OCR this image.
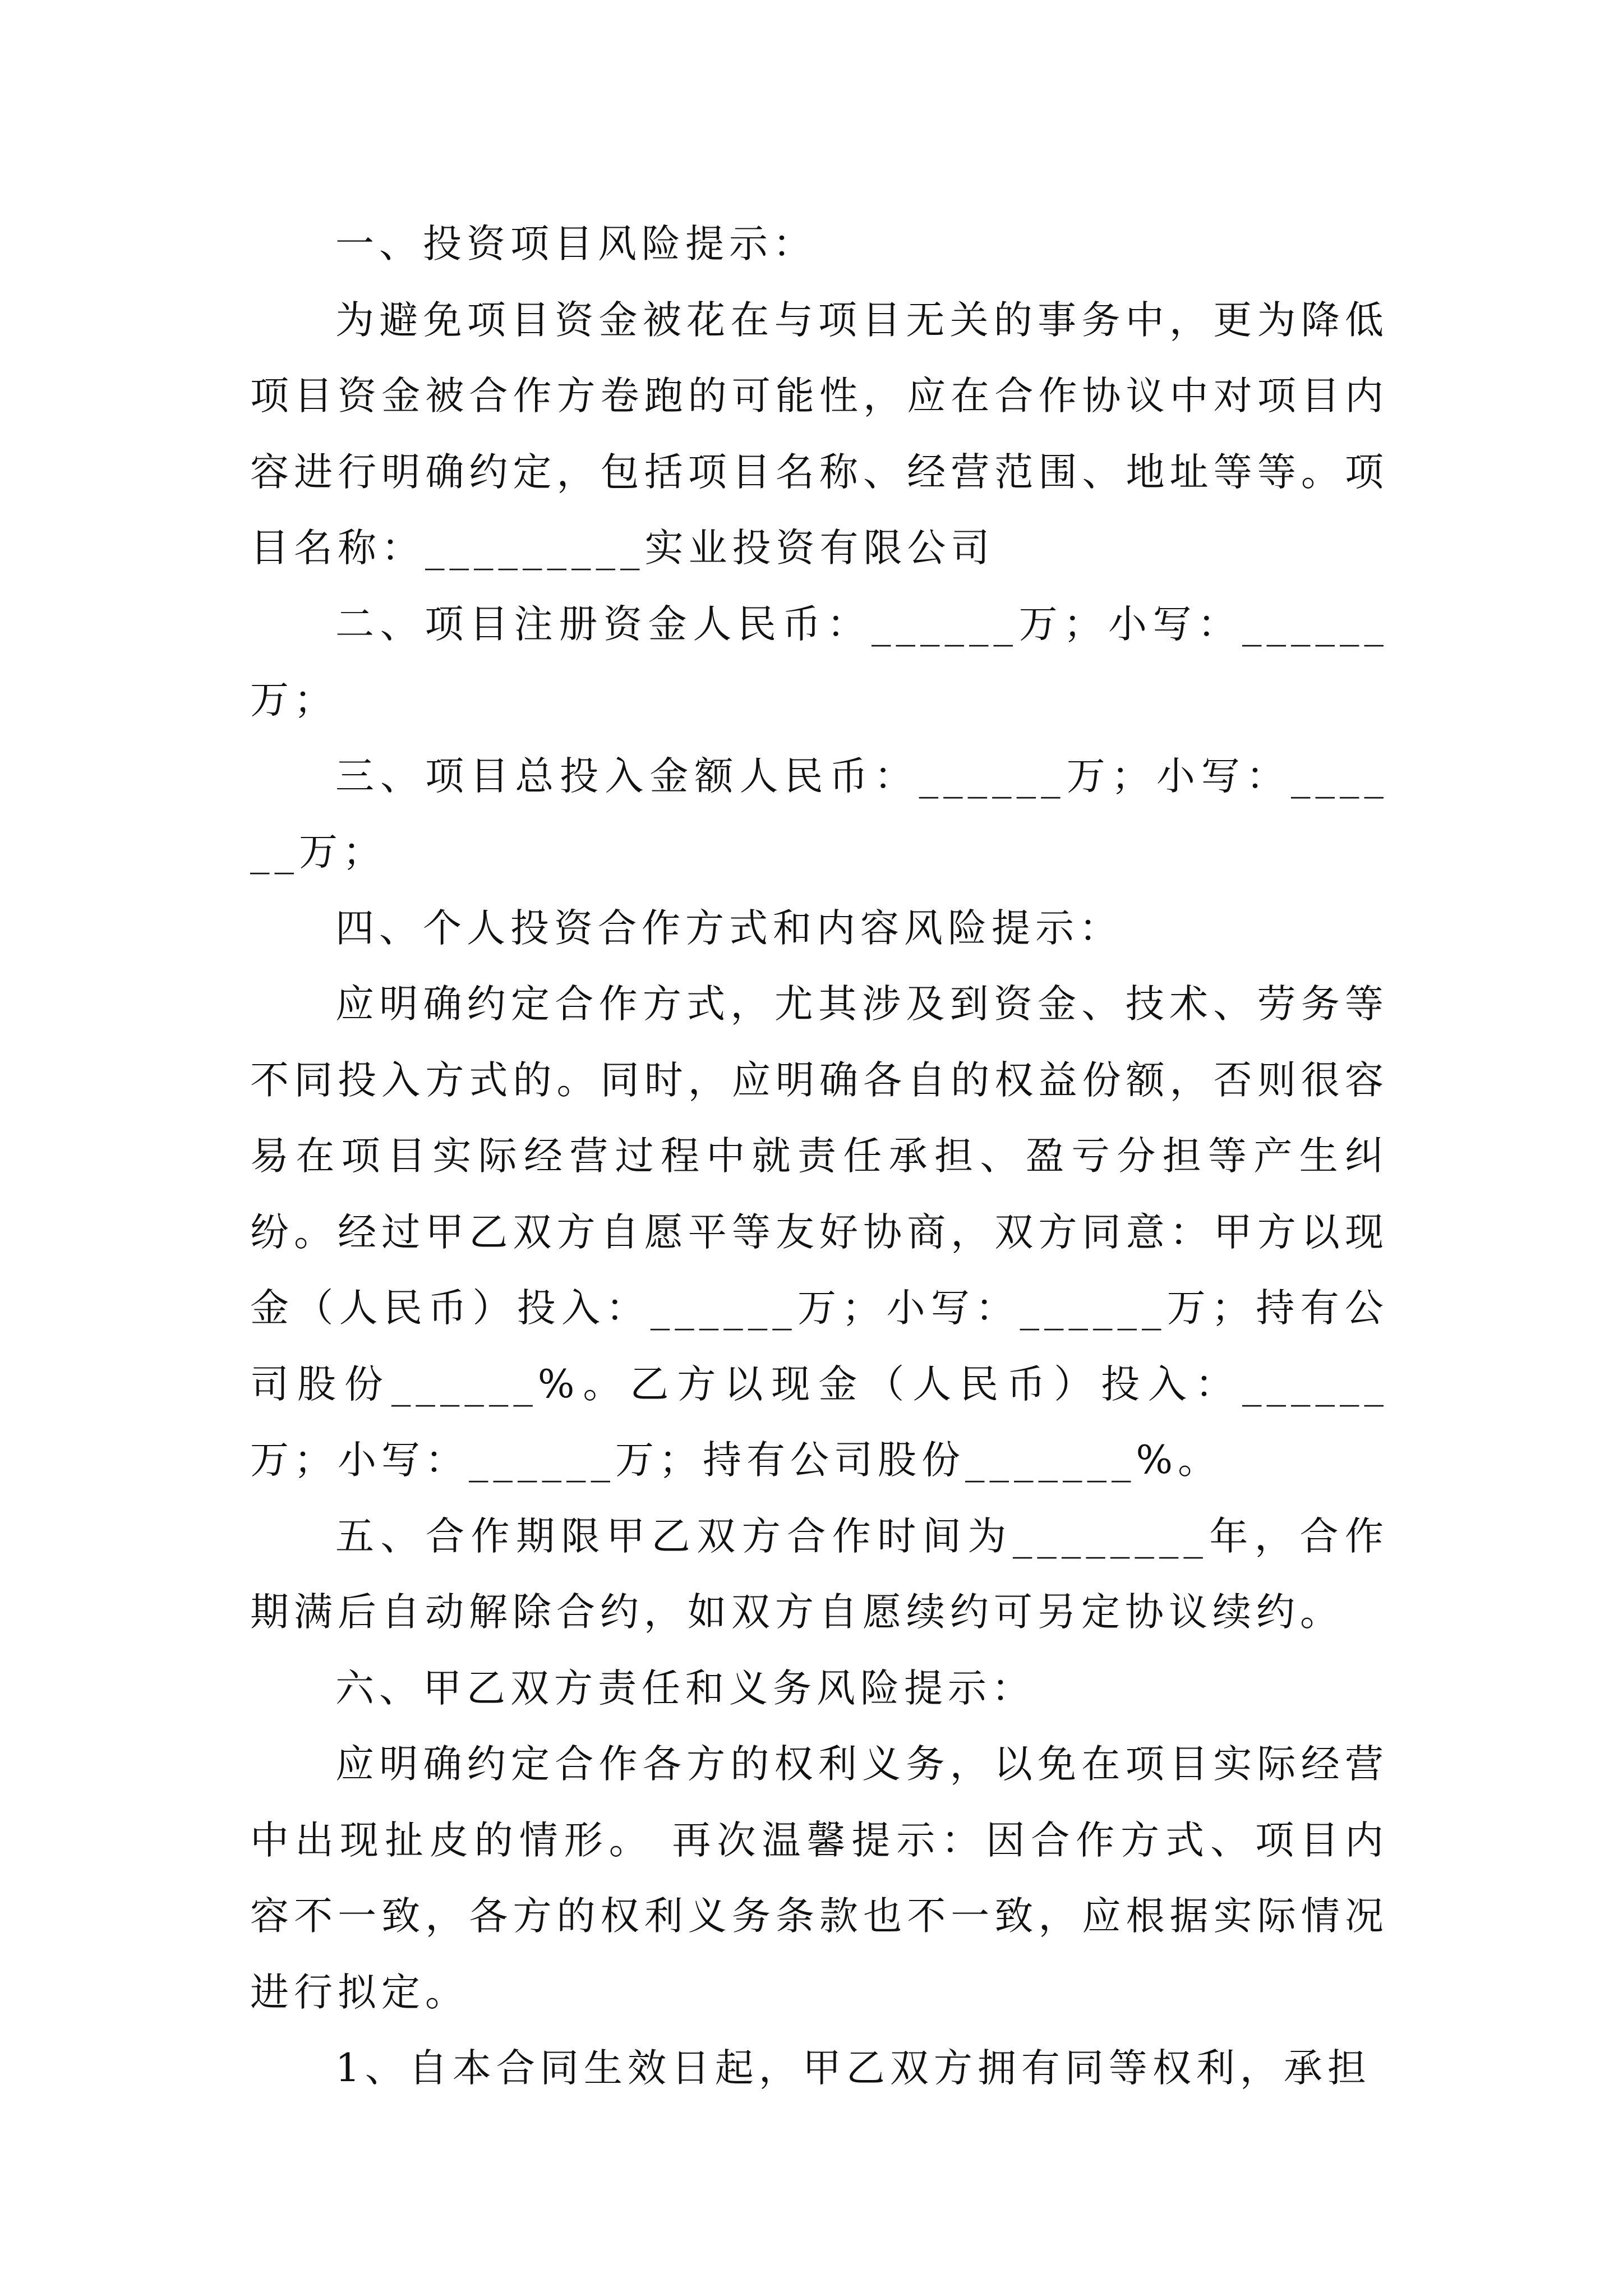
一、投资项目风险提示：

为避免项目资金被花在与项目无关的事务中，更为降低项目资金被合作方卷跑的可能性，应在合作协议中对项目内容进行明确约定，包括项目名称、经营范围、地址等等。项目名称：_________实业投资有限公司

二、项目注册资金人民币：______万；小写：______万；

三、项目总投入金额人民币：______万；小写：______万；

四、个人投资合作方式和内容风险提示：

应明确约定合作方式，尤其涉及到资金、技术、劳务等不同投入方式的。同时，应明确各自的权益份额，否则很容易在项目实际经营过程中就责任承担、盈亏分担等产生纠纷。经过甲乙双方自愿平等友好协商，双方同意：甲方以现金（人民币）投入：______万；小写：______万；持有公司股份______%。乙方以现金（人民币）投入：______万；小写：______万；持有公司股份_______%。

五、合作期限甲乙双方合作时间为________年，合作期满后自动解除合约，如双方自愿续约可另定协议续约。

六、甲乙双方责任和义务风险提示：

应明确约定合作各方的权利义务，以免在项目实际经营中出现扯皮的情形。 再次温馨提示：因合作方式、项目内容不一致，各方的权利义务条款也不一致，应根据实际情况进行拟定。

1、自本合同生效日起，甲乙双方拥有同等权利，承担
